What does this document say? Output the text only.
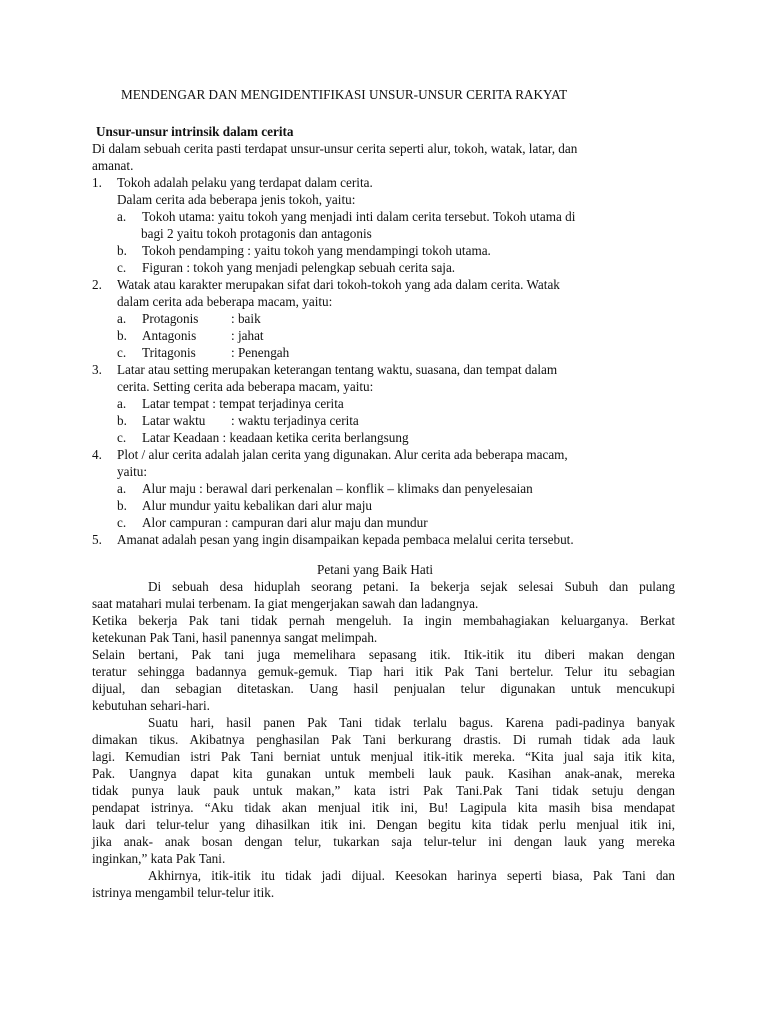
MENDENGAR DAN MENGIDENTIFIKASI UNSUR-UNSUR CERITA RAKYAT
Unsur-unsur intrinsik dalam cerita
Di dalam sebuah cerita pasti terdapat unsur-unsur cerita seperti alur, tokoh, watak, latar, dan
amanat.
1. Tokoh adalah pelaku yang terdapat dalam cerita.
Dalam cerita ada beberapa jenis tokoh, yaitu:
a. Tokoh utama: yaitu tokoh yang menjadi inti dalam cerita tersebut. Tokoh utama di
bagi 2 yaitu tokoh protagonis dan antagonis
b. Tokoh pendamping : yaitu tokoh yang mendampingi tokoh utama.
c. Figuran : tokoh yang menjadi pelengkap sebuah cerita saja.
2. Watak atau karakter merupakan sifat dari tokoh-tokoh yang ada dalam cerita. Watak
dalam cerita ada beberapa macam, yaitu:
a. Protagonis : baik
b. Antagonis	: jahat
c. Tritagonis	: Penengah
3. Latar atau setting merupakan keterangan tentang waktu, suasana, dan tempat dalam
cerita. Setting cerita ada beberapa macam, yaitu:
a. Latar tempat : tempat terjadinya cerita
b. Latar waktu : waktu terjadinya cerita
c. Latar Keadaan : keadaan ketika cerita berlangsung
4. Plot / alur cerita adalah jalan cerita yang digunakan. Alur cerita ada beberapa macam,
yaitu:
a. Alur maju : berawal dari perkenalan – konflik – klimaks dan penyelesaian
b. Alur mundur yaitu kebalikan dari alur maju
c. Alor campuran : campuran dari alur maju dan mundur
5. Amanat adalah pesan yang ingin disampaikan kepada pembaca melalui cerita tersebut.
Petani yang Baik Hati
Di sebuah desa hiduplah seorang petani. Ia bekerja sejak selesai Subuh dan pulang
saat matahari mulai terbenam. Ia giat mengerjakan sawah dan ladangnya.
Ketika bekerja Pak tani tidak pernah mengeluh. Ia ingin membahagiakan keluarganya. Berkat
ketekunan Pak Tani, hasil panennya sangat melimpah.
Selain bertani, Pak tani juga memelihara sepasang itik. Itik-itik itu diberi makan dengan
teratur sehingga badannya gemuk-gemuk. Tiap hari itik Pak Tani bertelur. Telur itu sebagian
dijual, dan sebagian ditetaskan. Uang hasil penjualan telur digunakan untuk mencukupi
kebutuhan sehari-hari.
Suatu hari, hasil panen Pak Tani tidak terlalu bagus. Karena padi-padinya banyak
dimakan tikus. Akibatnya penghasilan Pak Tani berkurang drastis. Di rumah tidak ada lauk
lagi. Kemudian istri Pak Tani berniat untuk menjual itik-itik mereka. “Kita jual saja itik kita,
Pak. Uangnya dapat kita gunakan untuk membeli lauk pauk. Kasihan anak-anak, mereka
tidak punya lauk pauk untuk makan,” kata istri Pak Tani.Pak Tani tidak setuju dengan
pendapat istrinya. “Aku tidak akan menjual itik ini, Bu! Lagipula kita masih bisa mendapat
lauk dari telur-telur yang dihasilkan itik ini. Dengan begitu kita tidak perlu menjual itik ini,
jika anak- anak bosan dengan telur, tukarkan saja telur-telur ini dengan lauk yang mereka
inginkan,” kata Pak Tani.
Akhirnya, itik-itik itu tidak jadi dijual. Keesokan harinya seperti biasa, Pak Tani dan
istrinya mengambil telur-telur itik.
